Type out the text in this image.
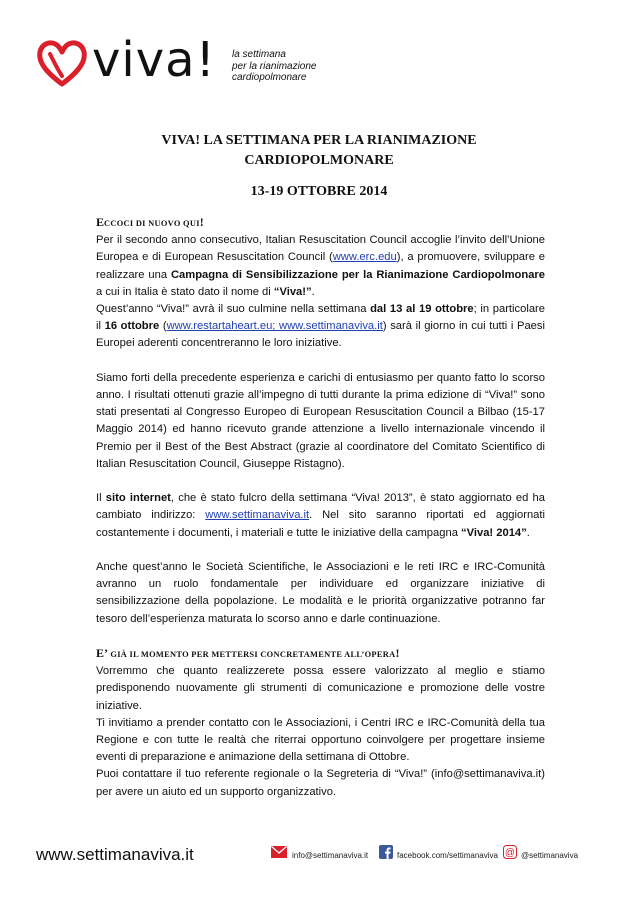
viva! la settimana
per la rianimazione
cardiopolmonare
VIVA! LA SETTIMANA PER LA RIANIMAZIONE
CARDIOPOLMONARE
13-19 OTTOBRE 2014

ECCOCI DI NUOVO QUI!

Per il secondo anno consecutivo, Italian Resuscitation Council accoglie l’invito dell’Unione Europea e di European Resuscitation Council (www.erc.edu), a promuovere, sviluppare e realizzare una Campagna di Sensibilizzazione per la Rianimazione Cardiopolmonare a cui in Italia è stato dato il nome di “Viva!”.

Quest’anno “Viva!” avrà il suo culmine nella settimana dal 13 al 19 ottobre; in particolare il 16 ottobre (www.restartaheart.eu; www.settimanaviva.it) sarà il giorno in cui tutti i Paesi Europei aderenti concentreranno le loro iniziative.

Siamo forti della precedente esperienza e carichi di entusiasmo per quanto fatto lo scorso anno. I risultati ottenuti grazie all’impegno di tutti durante la prima edizione di “Viva!” sono stati presentati al Congresso Europeo di European Resuscitation Council a Bilbao (15-17 Maggio 2014) ed hanno ricevuto grande attenzione a livello internazionale vincendo il Premio per il Best of the Best Abstract (grazie al coordinatore del Comitato Scientifico di Italian Resuscitation Council, Giuseppe Ristagno).

Il sito internet, che è stato fulcro della settimana “Viva! 2013”, è stato aggiornato ed ha cambiato indirizzo: www.settimanaviva.it. Nel sito saranno riportati ed aggiornati costantemente i documenti, i materiali e tutte le iniziative della campagna “Viva! 2014”.

Anche quest’anno le Società Scientifiche, le Associazioni e le reti IRC e IRC-Comunità avranno un ruolo fondamentale per individuare ed organizzare iniziative di sensibilizzazione della popolazione. Le modalità e le priorità organizzative potranno far tesoro dell’esperienza maturata lo scorso anno e darle continuazione.

E’ GIÀ IL MOMENTO PER METTERSI CONCRETAMENTE ALL’OPERA!

Vorremmo che quanto realizzerete possa essere valorizzato al meglio e stiamo predisponendo nuovamente gli strumenti di comunicazione e promozione delle vostre iniziative.

Ti invitiamo a prender contatto con le Associazioni, i Centri IRC e IRC-Comunità della tua Regione e con tutte le realtà che riterrai opportuno coinvolgere per progettare insieme eventi di preparazione e animazione della settimana di Ottobre.

Puoi contattare il tuo referente regionale o la Segreteria di “Viva!” (info@settimanaviva.it) per avere un aiuto ed un supporto organizzativo.

www.settimanaviva.it	info@settimanaviva.it	facebook.com/settimanaviva @ @settimanaviva
